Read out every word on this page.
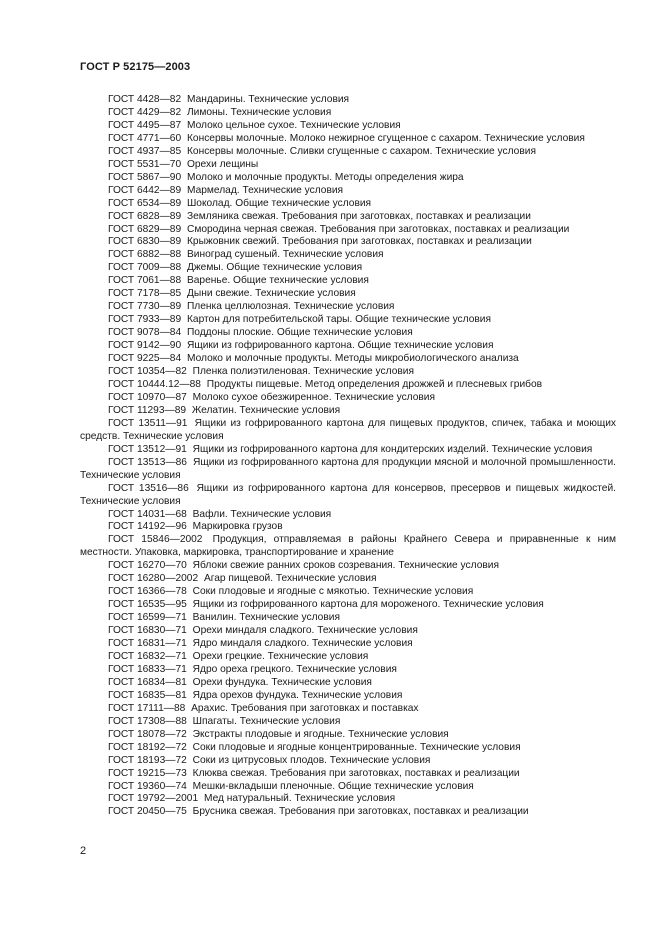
ГОСТ Р 52175—2003
ГОСТ 4428—82 Мандарины. Технические условия
ГОСТ 4429—82 Лимоны. Технические условия
ГОСТ 4495—87 Молоко цельное сухое. Технические условия
ГОСТ 4771—60 Консервы молочные. Молоко нежирное сгущенное с сахаром. Технические условия
ГОСТ 4937—85 Консервы молочные. Сливки сгущенные с сахаром. Технические условия
ГОСТ 5531—70 Орехи лещины
ГОСТ 5867—90 Молоко и молочные продукты. Методы определения жира
ГОСТ 6442—89 Мармелад. Технические условия
ГОСТ 6534—89 Шоколад. Общие технические условия
ГОСТ 6828—89 Земляника свежая. Требования при заготовках, поставках и реализации
ГОСТ 6829—89 Смородина черная свежая. Требования при заготовках, поставках и реализации
ГОСТ 6830—89 Крыжовник свежий. Требования при заготовках, поставках и реализации
ГОСТ 6882—88 Виноград сушеный. Технические условия
ГОСТ 7009—88 Джемы. Общие технические условия
ГОСТ 7061—88 Варенье. Общие технические условия
ГОСТ 7178—85 Дыни свежие. Технические условия
ГОСТ 7730—89 Пленка целлюлозная. Технические условия
ГОСТ 7933—89 Картон для потребительской тары. Общие технические условия
ГОСТ 9078—84 Поддоны плоские. Общие технические условия
ГОСТ 9142—90 Ящики из гофрированного картона. Общие технические условия
ГОСТ 9225—84 Молоко и молочные продукты. Методы микробиологического анализа
ГОСТ 10354—82 Пленка полиэтиленовая. Технические условия
ГОСТ 10444.12—88 Продукты пищевые. Метод определения дрожжей и плесневых грибов
ГОСТ 10970—87 Молоко сухое обезжиренное. Технические условия
ГОСТ 11293—89 Желатин. Технические условия
ГОСТ 13511—91 Ящики из гофрированного картона для пищевых продуктов, спичек, табака и моющих средств. Технические условия
ГОСТ 13512—91 Ящики из гофрированного картона для кондитерских изделий. Технические условия
ГОСТ 13513—86 Ящики из гофрированного картона для продукции мясной и молочной промышленности. Технические условия
ГОСТ 13516—86 Ящики из гофрированного картона для консервов, пресервов и пищевых жидкостей. Технические условия
ГОСТ 14031—68 Вафли. Технические условия
ГОСТ 14192—96 Маркировка грузов
ГОСТ 15846—2002 Продукция, отправляемая в районы Крайнего Севера и приравненные к ним местности. Упаковка, маркировка, транспортирование и хранение
ГОСТ 16270—70 Яблоки свежие ранних сроков созревания. Технические условия
ГОСТ 16280—2002 Агар пищевой. Технические условия
ГОСТ 16366—78 Соки плодовые и ягодные с мякотью. Технические условия
ГОСТ 16535—95 Ящики из гофрированного картона для мороженого. Технические условия
ГОСТ 16599—71 Ванилин. Технические условия
ГОСТ 16830—71 Орехи миндаля сладкого. Технические условия
ГОСТ 16831—71 Ядро миндаля сладкого. Технические условия
ГОСТ 16832—71 Орехи грецкие. Технические условия
ГОСТ 16833—71 Ядро ореха грецкого. Технические условия
ГОСТ 16834—81 Орехи фундука. Технические условия
ГОСТ 16835—81 Ядра орехов фундука. Технические условия
ГОСТ 17111—88 Арахис. Требования при заготовках и поставках
ГОСТ 17308—88 Шпагаты. Технические условия
ГОСТ 18078—72 Экстракты плодовые и ягодные. Технические условия
ГОСТ 18192—72 Соки плодовые и ягодные концентрированные. Технические условия
ГОСТ 18193—72 Соки из цитрусовых плодов. Технические условия
ГОСТ 19215—73 Клюква свежая. Требования при заготовках, поставках и реализации
ГОСТ 19360—74 Мешки-вкладыши пленочные. Общие технические условия
ГОСТ 19792—2001 Мед натуральный. Технические условия
ГОСТ 20450—75 Брусника свежая. Требования при заготовках, поставках и реализации
2
